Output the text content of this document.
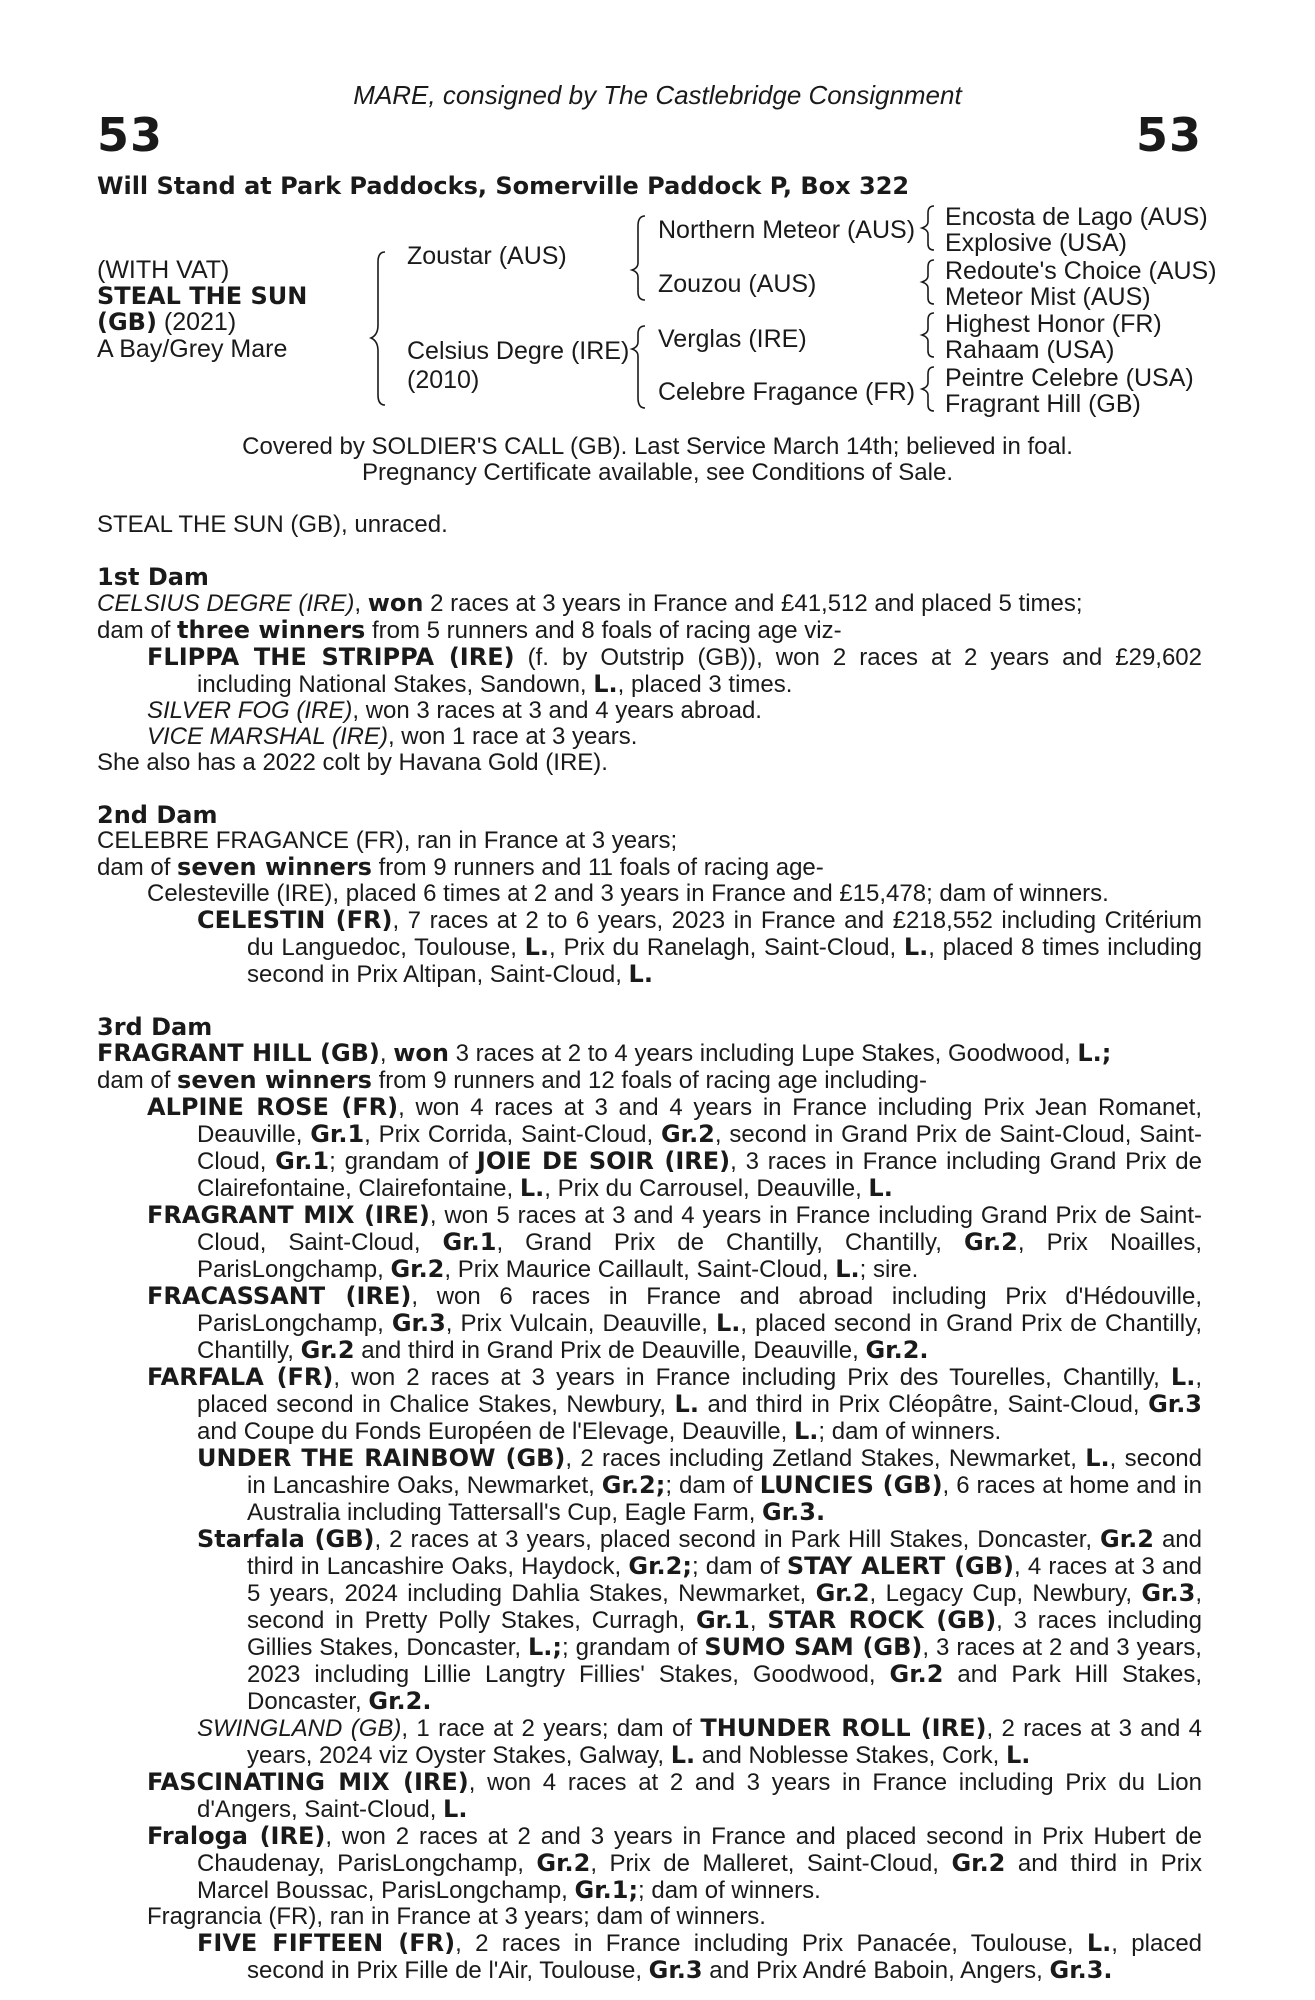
53	53
MARE, consigned by The Castlebridge Consignment
Will Stand at Park Paddocks, Somerville Paddock P, Box 322
(WITH VAT)
STEAL THE SUN
(GB) (2021)
A Bay/Grey Mare
Zoustar (AUS)
Celsius Degre (IRE)
(2010)
Northern Meteor (AUS)
Zouzou (AUS)
Verglas (IRE)
Celebre Fragance (FR)
Encosta de Lago (AUS)
Explosive (USA)
Redoute's Choice (AUS)
Meteor Mist (AUS)
Highest Honor (FR)
Rahaam (USA)
Peintre Celebre (USA)
Fragrant Hill (GB)
Covered by SOLDIER'S CALL (GB). Last Service March 14th; believed in foal.
Pregnancy Certificate available, see Conditions of Sale.
STEAL THE SUN (GB), unraced.
1st Dam
CELSIUS DEGRE (IRE), won 2 races at 3 years in France and £41,512 and placed 5 times;
dam of three winners from 5 runners and 8 foals of racing age viz-
FLIPPA THE STRIPPA (IRE) (f. by Outstrip (GB)), won 2 races at 2 years and £29,602 including National Stakes, Sandown, L., placed 3 times.
SILVER FOG (IRE), won 3 races at 3 and 4 years abroad.
VICE MARSHAL (IRE), won 1 race at 3 years.
She also has a 2022 colt by Havana Gold (IRE).
2nd Dam
CELEBRE FRAGANCE (FR), ran in France at 3 years;
dam of seven winners from 9 runners and 11 foals of racing age-
Celesteville (IRE), placed 6 times at 2 and 3 years in France and £15,478; dam of winners.
CELESTIN (FR), 7 races at 2 to 6 years, 2023 in France and £218,552 including Critérium du Languedoc, Toulouse, L., Prix du Ranelagh, Saint-Cloud, L., placed 8 times including second in Prix Altipan, Saint-Cloud, L.
3rd Dam
FRAGRANT HILL (GB), won 3 races at 2 to 4 years including Lupe Stakes, Goodwood, L.;
dam of seven winners from 9 runners and 12 foals of racing age including-
ALPINE ROSE (FR), won 4 races at 3 and 4 years in France including Prix Jean Romanet, Deauville, Gr.1, Prix Corrida, Saint-Cloud, Gr.2, second in Grand Prix de Saint-Cloud, Saint-Cloud, Gr.1; grandam of JOIE DE SOIR (IRE), 3 races in France including Grand Prix de Clairefontaine, Clairefontaine, L., Prix du Carrousel, Deauville, L.
FRAGRANT MIX (IRE), won 5 races at 3 and 4 years in France including Grand Prix de Saint-Cloud, Saint-Cloud, Gr.1, Grand Prix de Chantilly, Chantilly, Gr.2, Prix Noailles, ParisLongchamp, Gr.2, Prix Maurice Caillault, Saint-Cloud, L.; sire.
FRACASSANT (IRE), won 6 races in France and abroad including Prix d'Hédouville, ParisLongchamp, Gr.3, Prix Vulcain, Deauville, L., placed second in Grand Prix de Chantilly, Chantilly, Gr.2 and third in Grand Prix de Deauville, Deauville, Gr.2.
FARFALA (FR), won 2 races at 3 years in France including Prix des Tourelles, Chantilly, L., placed second in Chalice Stakes, Newbury, L. and third in Prix Cléopâtre, Saint-Cloud, Gr.3 and Coupe du Fonds Européen de l'Elevage, Deauville, L.; dam of winners.
UNDER THE RAINBOW (GB), 2 races including Zetland Stakes, Newmarket, L., second in Lancashire Oaks, Newmarket, Gr.2;; dam of LUNCIES (GB), 6 races at home and in Australia including Tattersall's Cup, Eagle Farm, Gr.3.
Starfala (GB), 2 races at 3 years, placed second in Park Hill Stakes, Doncaster, Gr.2 and third in Lancashire Oaks, Haydock, Gr.2;; dam of STAY ALERT (GB), 4 races at 3 and 5 years, 2024 including Dahlia Stakes, Newmarket, Gr.2, Legacy Cup, Newbury, Gr.3, second in Pretty Polly Stakes, Curragh, Gr.1, STAR ROCK (GB), 3 races including Gillies Stakes, Doncaster, L.;; grandam of SUMO SAM (GB), 3 races at 2 and 3 years, 2023 including Lillie Langtry Fillies' Stakes, Goodwood, Gr.2 and Park Hill Stakes, Doncaster, Gr.2.
SWINGLAND (GB), 1 race at 2 years; dam of THUNDER ROLL (IRE), 2 races at 3 and 4 years, 2024 viz Oyster Stakes, Galway, L. and Noblesse Stakes, Cork, L.
FASCINATING MIX (IRE), won 4 races at 2 and 3 years in France including Prix du Lion d'Angers, Saint-Cloud, L.
Fraloga (IRE), won 2 races at 2 and 3 years in France and placed second in Prix Hubert de Chaudenay, ParisLongchamp, Gr.2, Prix de Malleret, Saint-Cloud, Gr.2 and third in Prix Marcel Boussac, ParisLongchamp, Gr.1;; dam of winners.
Fragrancia (FR), ran in France at 3 years; dam of winners.
FIVE FIFTEEN (FR), 2 races in France including Prix Panacée, Toulouse, L., placed second in Prix Fille de l'Air, Toulouse, Gr.3 and Prix André Baboin, Angers, Gr.3.
